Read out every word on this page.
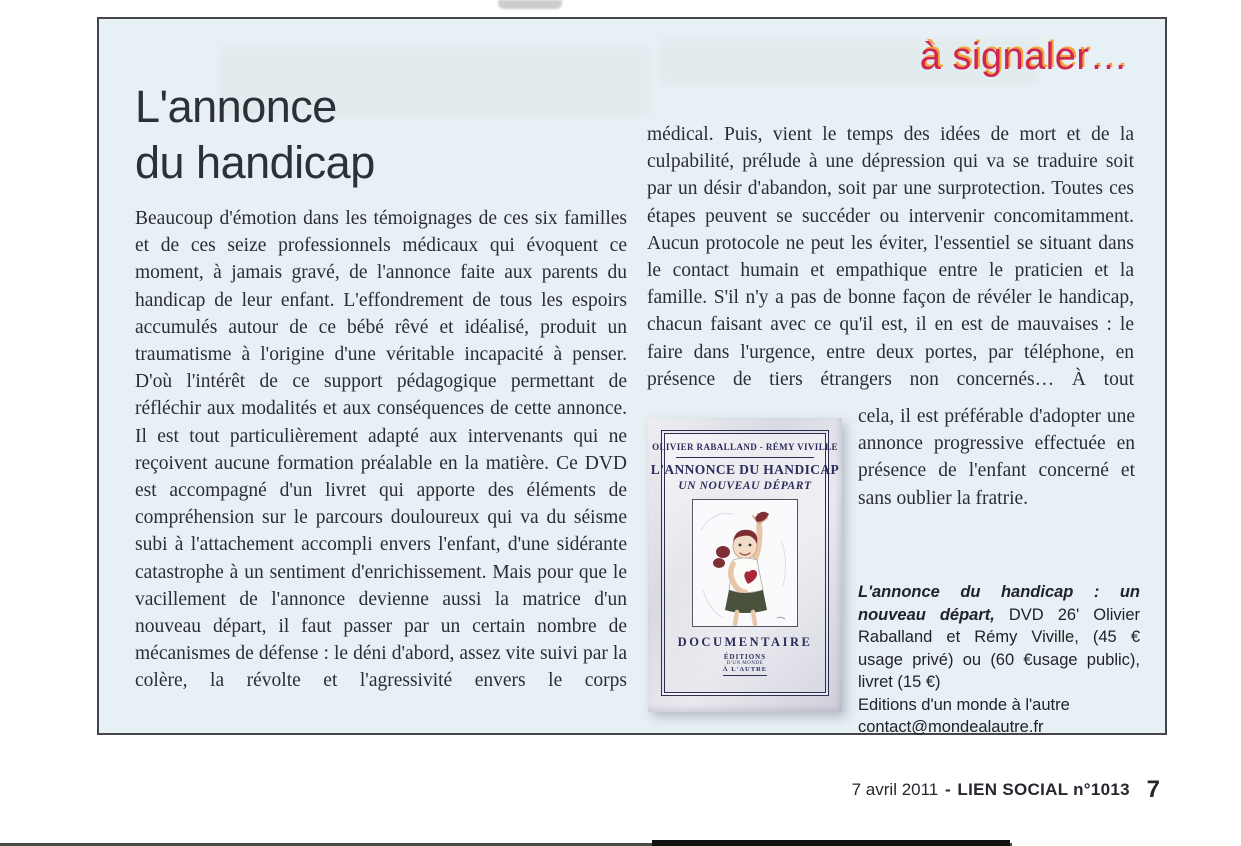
à signaler…
L'annonce
du handicap
Beaucoup d'émotion dans les témoignages de ces six familles et de ces seize professionnels médicaux qui évoquent ce moment, à jamais gravé, de l'annonce faite aux parents du handicap de leur enfant. L'effondrement de tous les espoirs accumulés autour de ce bébé rêvé et idéalisé, produit un traumatisme à l'origine d'une véritable incapacité à penser. D'où l'intérêt de ce support pédagogique permettant de réfléchir aux modalités et aux conséquences de cette annonce. Il est tout particulièrement adapté aux intervenants qui ne reçoivent aucune formation préalable en la matière. Ce DVD est accompagné d'un livret qui apporte des éléments de compréhension sur le parcours douloureux qui va du séisme subi à l'attachement accompli envers l'enfant, d'une sidérante catastrophe à un sentiment d'enrichissement. Mais pour que le vacillement de l'annonce devienne aussi la matrice d'un nouveau départ, il faut passer par un certain nombre de mécanismes de défense : le déni d'abord, assez vite suivi par la colère, la révolte et l'agressivité envers le corps
médical. Puis, vient le temps des idées de mort et de la culpabilité, prélude à une dépression qui va se traduire soit par un désir d'abandon, soit par une surprotection. Toutes ces étapes peuvent se succéder ou intervenir concomitamment. Aucun protocole ne peut les éviter, l'essentiel se situant dans le contact humain et empathique entre le praticien et la famille. S'il n'y a pas de bonne façon de révéler le handicap, chacun faisant avec ce qu'il est, il en est de mauvaises : le faire dans l'urgence, entre deux portes, par téléphone, en présence de tiers étrangers non concernés… À tout
cela, il est préférable d'adopter une annonce progressive effectuée en présence de l'enfant concerné et sans oublier la fratrie.
OLIVIER RABALLAND - RÉMY VIVILLE
L'ANNONCE DU HANDICAP
UN NOUVEAU DÉPART
DOCUMENTAIRE
ÉDITIONS
D'UN MONDE
À L'AUTRE
L'annonce du handicap : un nouveau départ, DVD 26' Olivier Raballand et Rémy Viville, (45 € usage privé) ou (60 €usage public), livret (15 €)
Editions d'un monde à l'autre
contact@mondealautre.fr
7 avril 2011 - LIEN SOCIAL n°1013 7
